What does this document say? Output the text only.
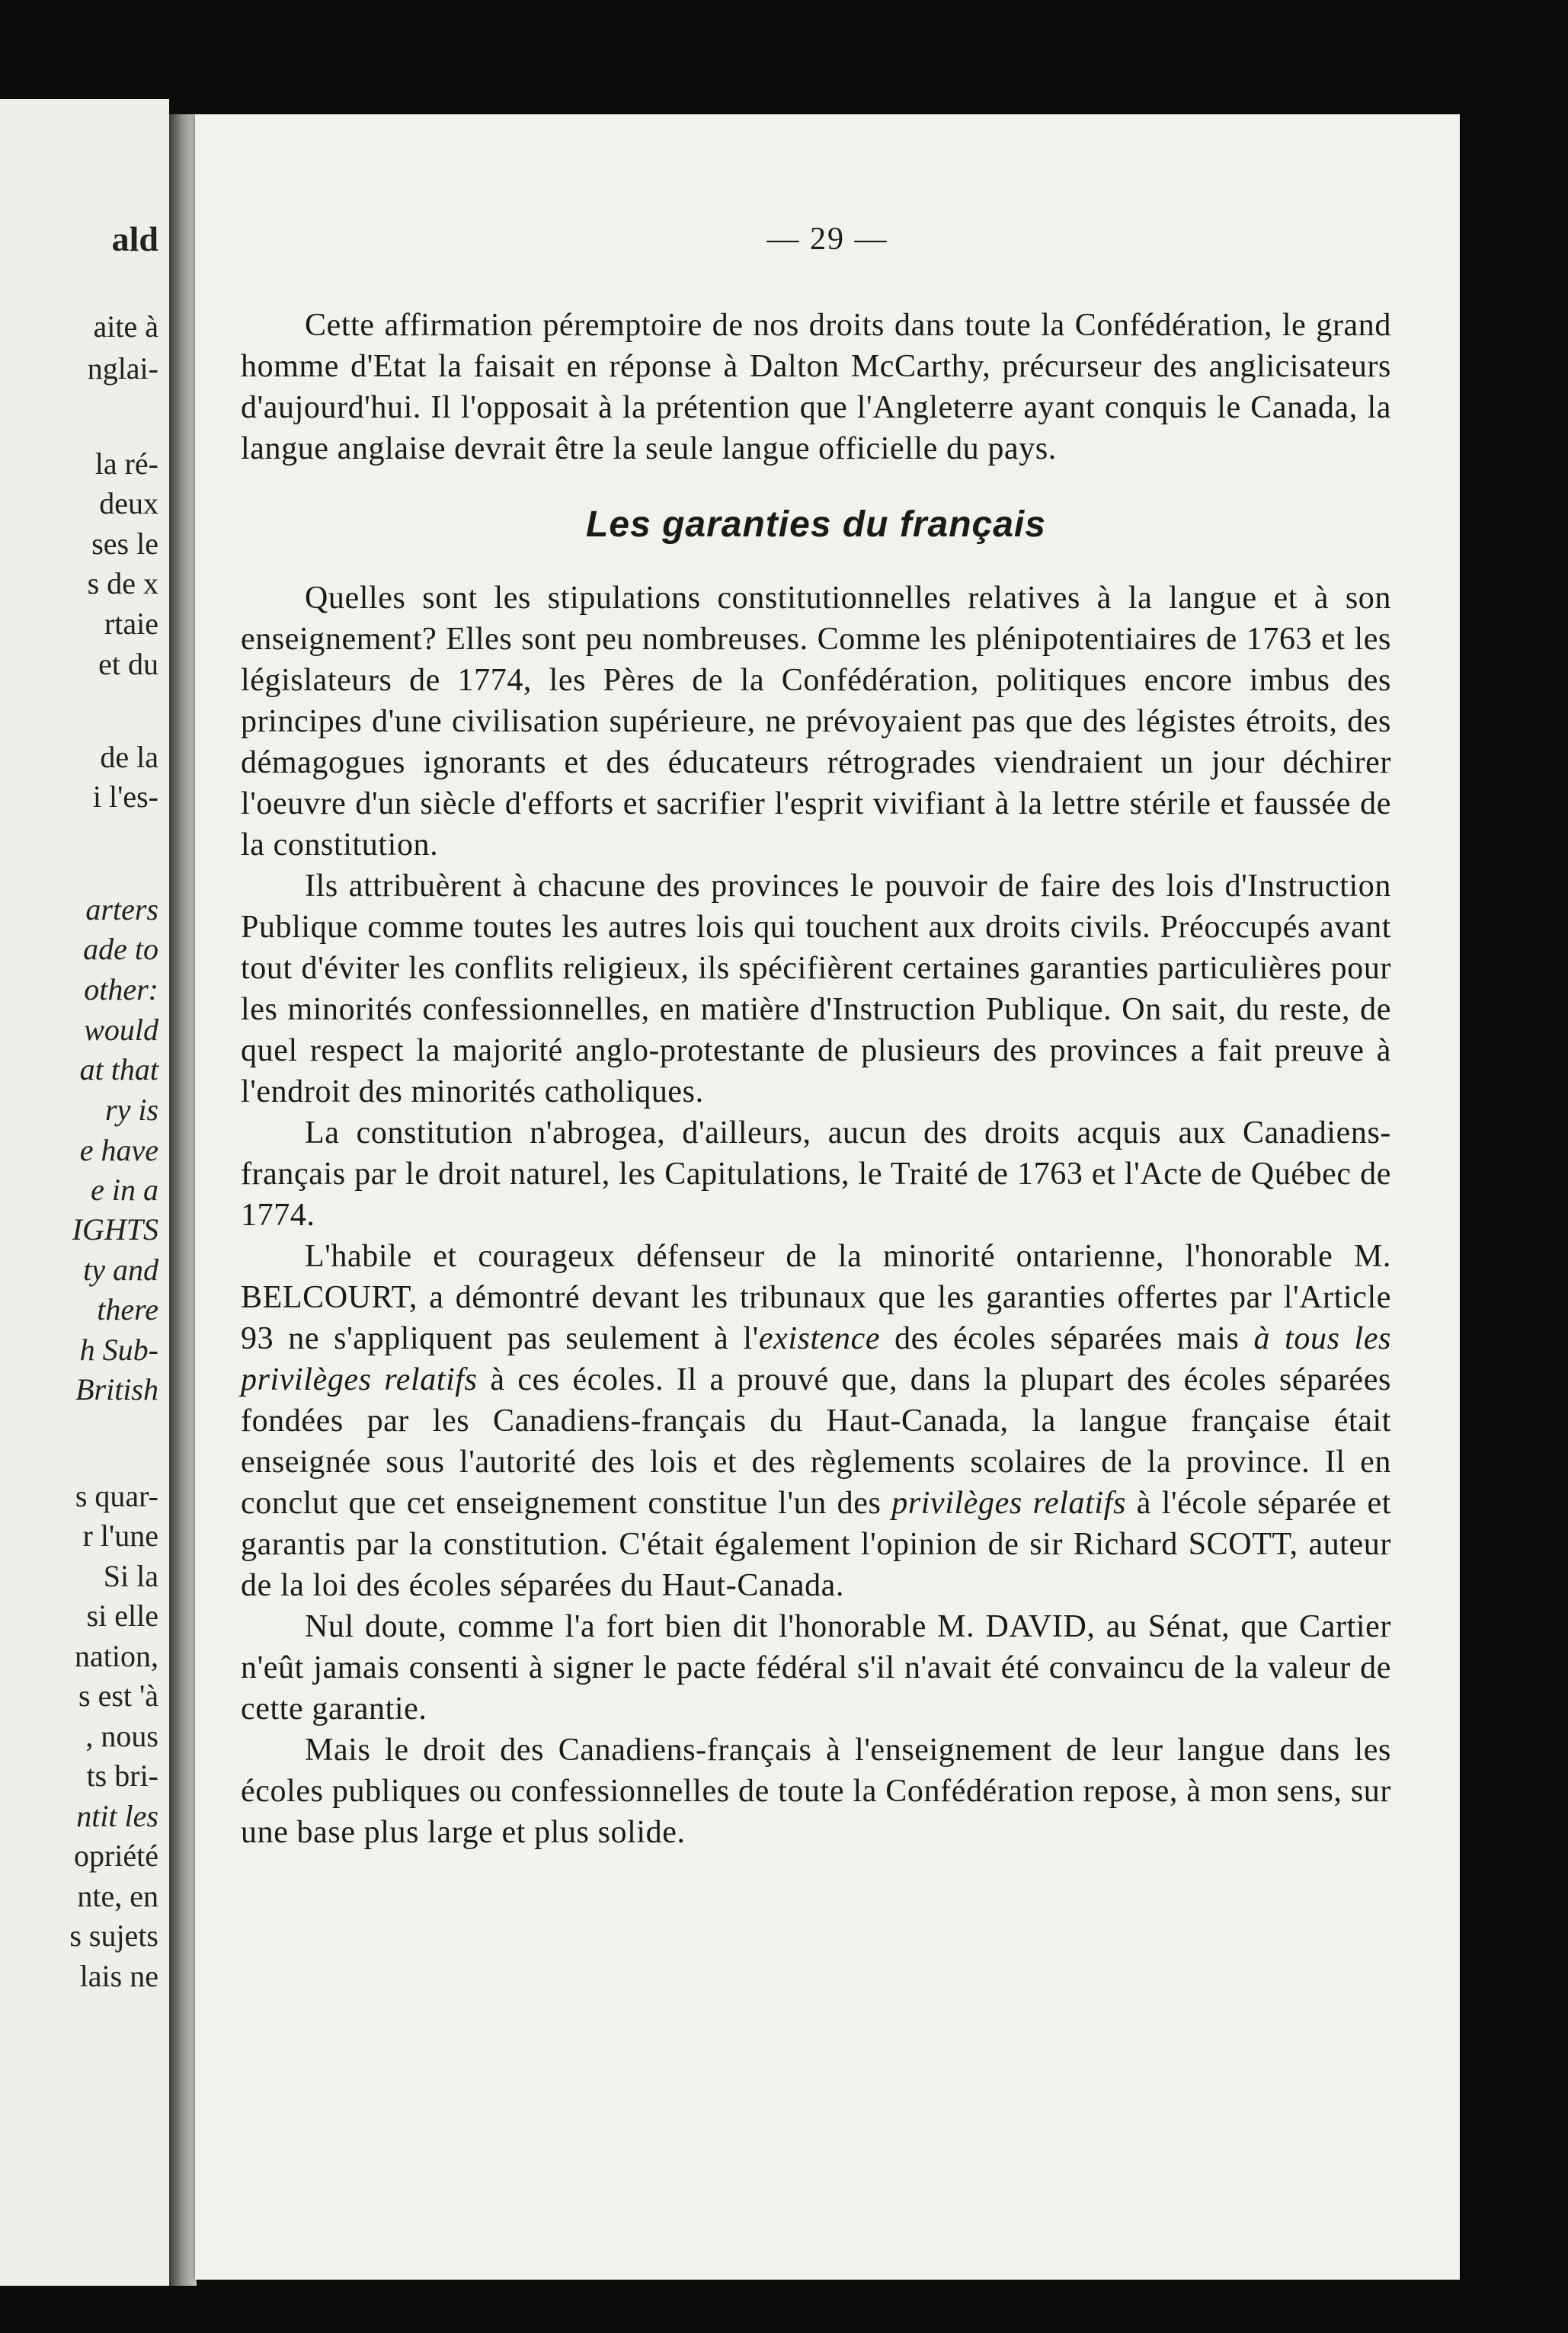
ald
aite à
nglai-
la ré-
deux
ses le
s de x
rtaie
et du
de la
i l'es-
arters
ade to
other:
would
at that
ry is
e have
e in a
IGHTS
ty and
there
h Sub-
British
s quar-
r l'une
Si la
si elle
nation,
s est 'à
, nous
ts bri-
ntit les
opriété
nte, en
s sujets
lais ne
— 29 —

Cette affirmation péremptoire de nos droits dans toute la Confédération, le grand homme d'Etat la faisait en réponse à Dalton McCarthy, précurseur des anglicisateurs d'aujourd'hui. Il l'opposait à la prétention que l'Angleterre ayant conquis le Canada, la langue anglaise devrait être la seule langue officielle du pays.

Les garanties du français

Quelles sont les stipulations constitutionnelles relatives à la langue et à son enseignement? Elles sont peu nombreuses. Comme les plénipotentiaires de 1763 et les législateurs de 1774, les Pères de la Confédération, politiques encore imbus des principes d'une civilisation supérieure, ne prévoyaient pas que des légistes étroits, des démagogues ignorants et des éducateurs rétrogrades viendraient un jour déchirer l'oeuvre d'un siècle d'efforts et sacrifier l'esprit vivifiant à la lettre stérile et faussée de la constitution.

Ils attribuèrent à chacune des provinces le pouvoir de faire des lois d'Instruction Publique comme toutes les autres lois qui touchent aux droits civils. Préoccupés avant tout d'éviter les conflits religieux, ils spécifièrent certaines garanties particulières pour les minorités confessionnelles, en matière d'Instruction Publique. On sait, du reste, de quel respect la majorité anglo-protestante de plusieurs des provinces a fait preuve à l'endroit des minorités catholiques.

La constitution n'abrogea, d'ailleurs, aucun des droits acquis aux Canadiens-français par le droit naturel, les Capitulations, le Traité de 1763 et l'Acte de Québec de 1774.

L'habile et courageux défenseur de la minorité ontarienne, l'honorable M. BELCOURT, a démontré devant les tribunaux que les garanties offertes par l'Article 93 ne s'appliquent pas seulement à l'existence des écoles séparées mais à tous les privilèges relatifs à ces écoles. Il a prouvé que, dans la plupart des écoles séparées fondées par les Canadiens-français du Haut-Canada, la langue française était enseignée sous l'autorité des lois et des règlements scolaires de la province. Il en conclut que cet enseignement constitue l'un des privilèges relatifs à l'école séparée et garantis par la constitution. C'était également l'opinion de sir Richard SCOTT, auteur de la loi des écoles séparées du Haut-Canada.

Nul doute, comme l'a fort bien dit l'honorable M. DAVID, au Sénat, que Cartier n'eût jamais consenti à signer le pacte fédéral s'il n'avait été convaincu de la valeur de cette garantie.

Mais le droit des Canadiens-français à l'enseignement de leur langue dans les écoles publiques ou confessionnelles de toute la Confédération repose, à mon sens, sur une base plus large et plus solide.
